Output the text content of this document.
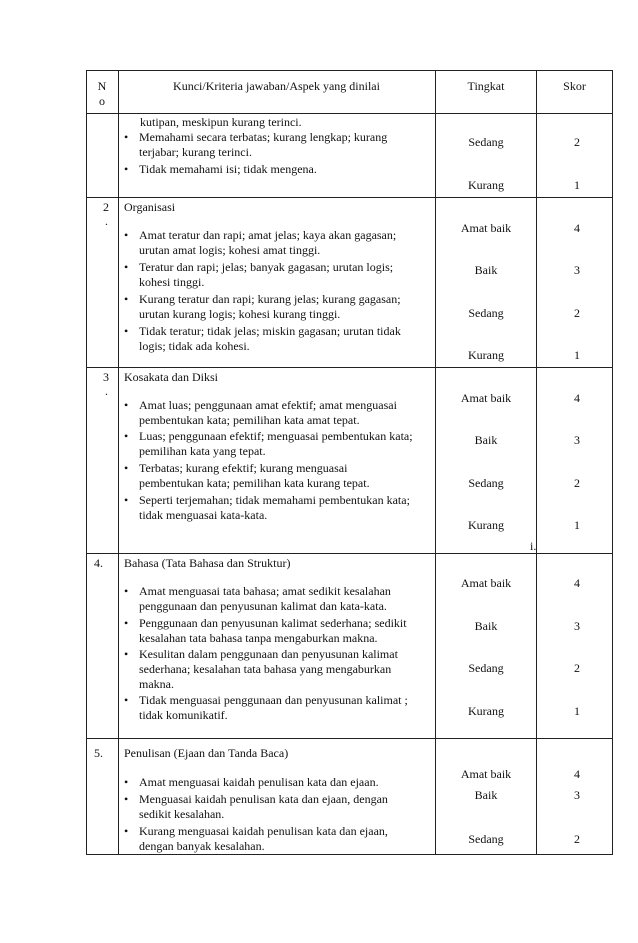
N
o
Kunci/Kriteria jawaban/Aspek yang dinilai	Tingkat	Skor
kutipan, meskipun kurang terinci.
• Memahami secara terbatas; kurang lengkap; kurang
terjabar; kurang terinci.
• Tidak memahami isi; tidak mengena.
Sedang
Kurang
2
1
2
.
Organisasi
• Amat teratur dan rapi; amat jelas; kaya akan gagasan;
urutan amat logis; kohesi amat tinggi.
• Teratur dan rapi; jelas; banyak gagasan; urutan logis;
kohesi tinggi.
• Kurang teratur dan rapi; kurang jelas; kurang gagasan;
urutan kurang logis; kohesi kurang tinggi.
• Tidak teratur; tidak jelas; miskin gagasan; urutan tidak
logis; tidak ada kohesi.
Amat baik
Baik
Sedang
Kurang
4
3
2
1
3
.
Kosakata dan Diksi
• Amat luas; penggunaan amat efektif; amat menguasai
pembentukan kata; pemilihan kata amat tepat.
• Luas; penggunaan efektif; menguasai pembentukan kata;
pemilihan kata yang tepat.
• Terbatas; kurang efektif; kurang menguasai
pembentukan kata; pemilihan kata kurang tepat.
• Seperti terjemahan; tidak memahami pembentukan kata;
tidak menguasai kata-kata.
Amat baik
Baik
Sedang
Kurang
4
3
2
1
i.
4. Bahasa (Tata Bahasa dan Struktur)
• Amat menguasai tata bahasa; amat sedikit kesalahan
penggunaan dan penyusunan kalimat dan kata-kata.
• Penggunaan dan penyusunan kalimat sederhana; sedikit
kesalahan tata bahasa tanpa mengaburkan makna.
• Kesulitan dalam penggunaan dan penyusunan kalimat
sederhana; kesalahan tata bahasa yang mengaburkan
makna.
• Tidak menguasai penggunaan dan penyusunan kalimat ;
tidak komunikatif.
Amat baik
Baik
Sedang
Kurang
4
3
2
1
5. Penulisan (Ejaan dan Tanda Baca)
• Amat menguasai kaidah penulisan kata dan ejaan.
• Menguasai kaidah penulisan kata dan ejaan, dengan
sedikit kesalahan.
• Kurang menguasai kaidah penulisan kata dan ejaan,
dengan banyak kesalahan.
Amat baik
Baik
Sedang
4
3
2
